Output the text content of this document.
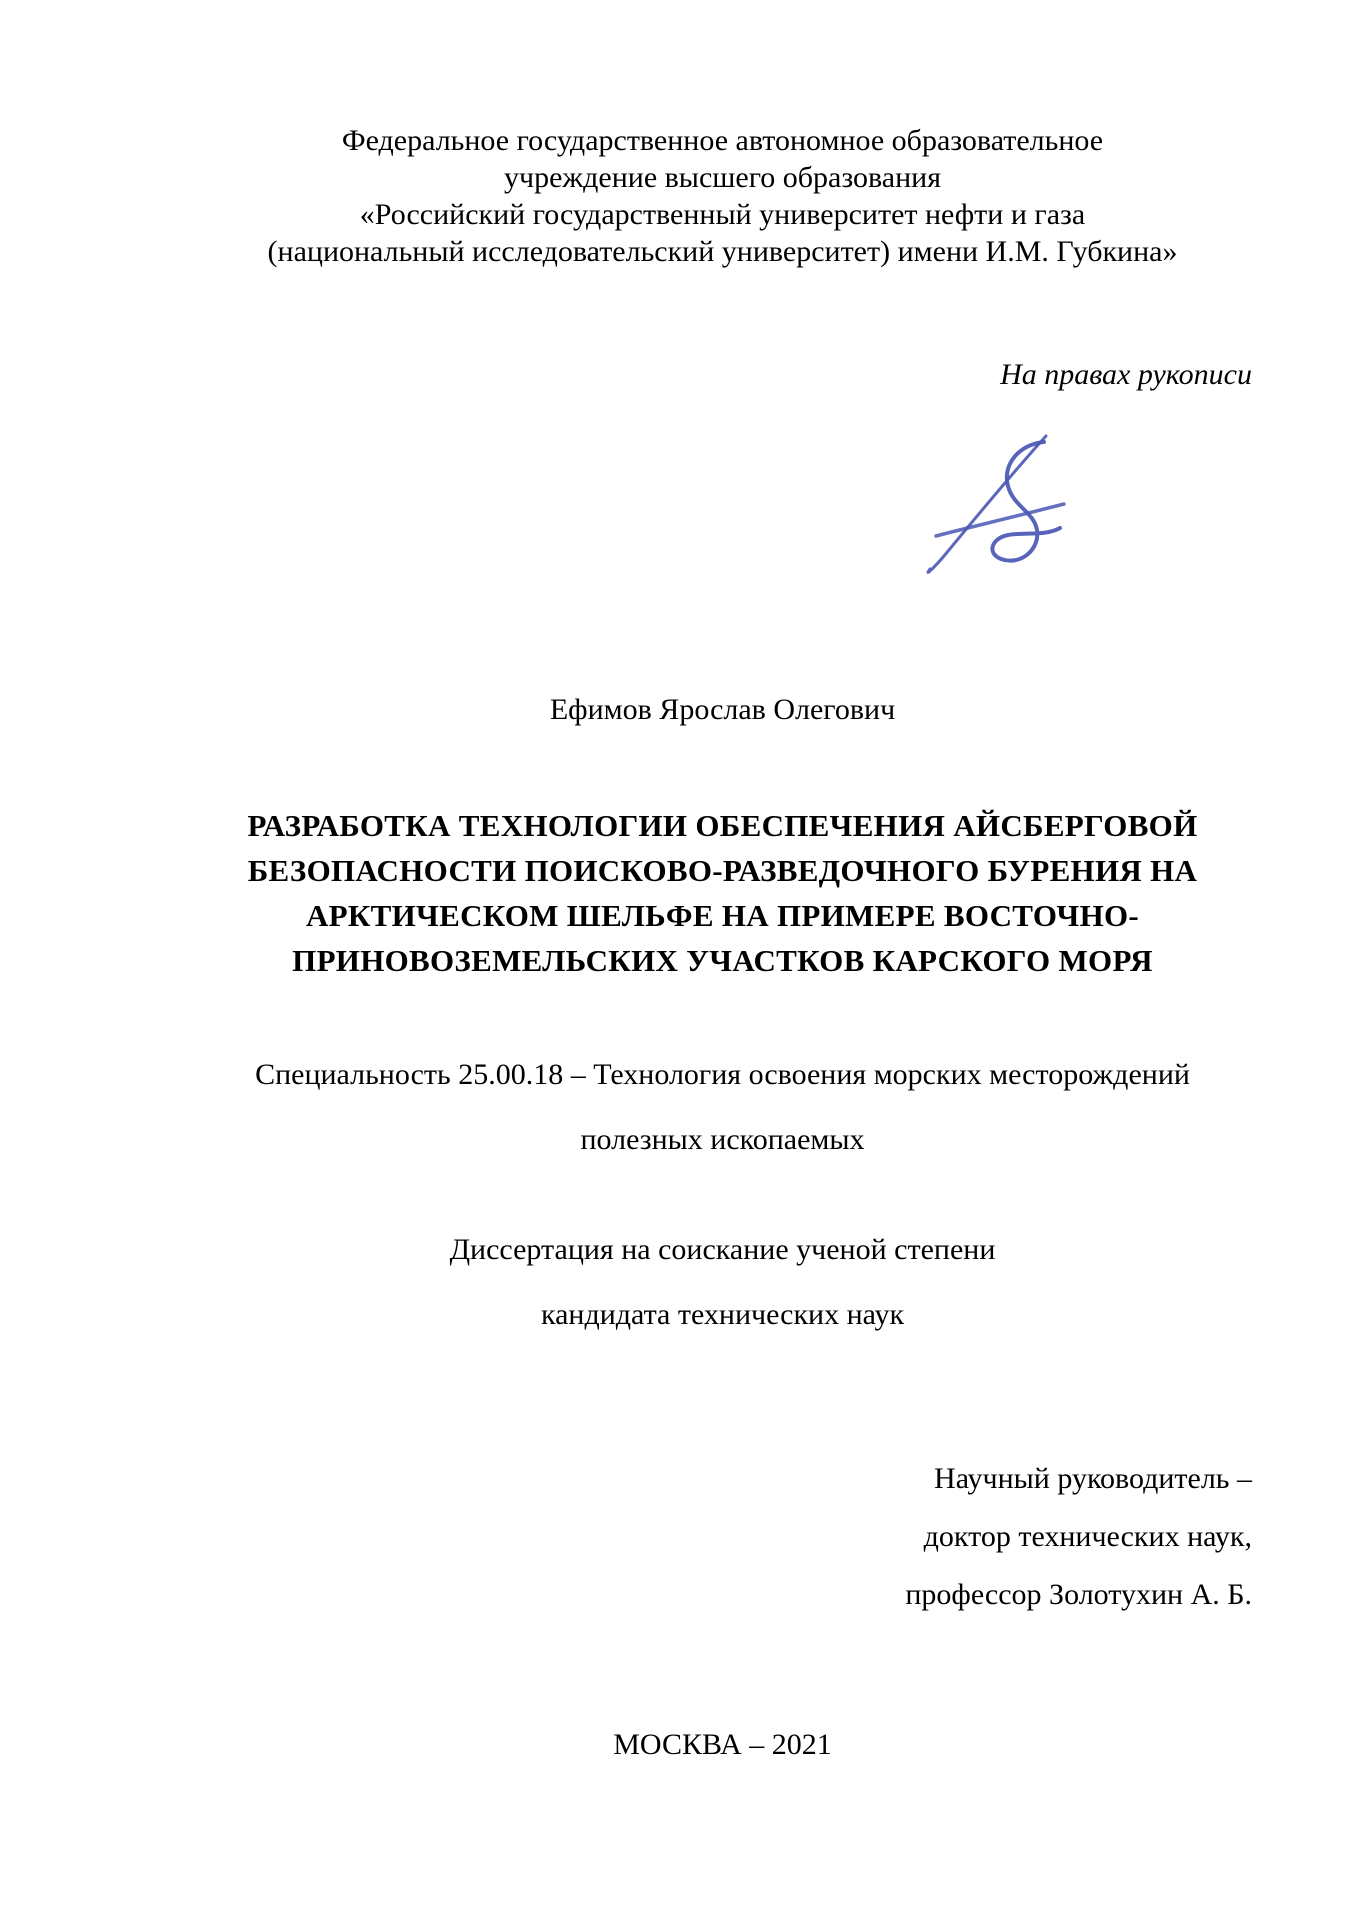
Федеральное государственное автономное образовательное
учреждение высшего образования
«Российский государственный университет нефти и газа
(национальный исследовательский университет) имени И.М. Губкина»
На правах рукописи
Ефимов Ярослав Олегович
РАЗРАБОТКА ТЕХНОЛОГИИ ОБЕСПЕЧЕНИЯ АЙСБЕРГОВОЙ
БЕЗОПАСНОСТИ ПОИСКОВО-РАЗВЕДОЧНОГО БУРЕНИЯ НА
АРКТИЧЕСКОМ ШЕЛЬФЕ НА ПРИМЕРЕ ВОСТОЧНО-
ПРИНОВОЗЕМЕЛЬСКИХ УЧАСТКОВ КАРСКОГО МОРЯ
Специальность 25.00.18 – Технология освоения морских месторождений
полезных ископаемых
Диссертация на соискание ученой степени
кандидата технических наук
Научный руководитель –
доктор технических наук,
профессор Золотухин А. Б.
МОСКВА – 2021
